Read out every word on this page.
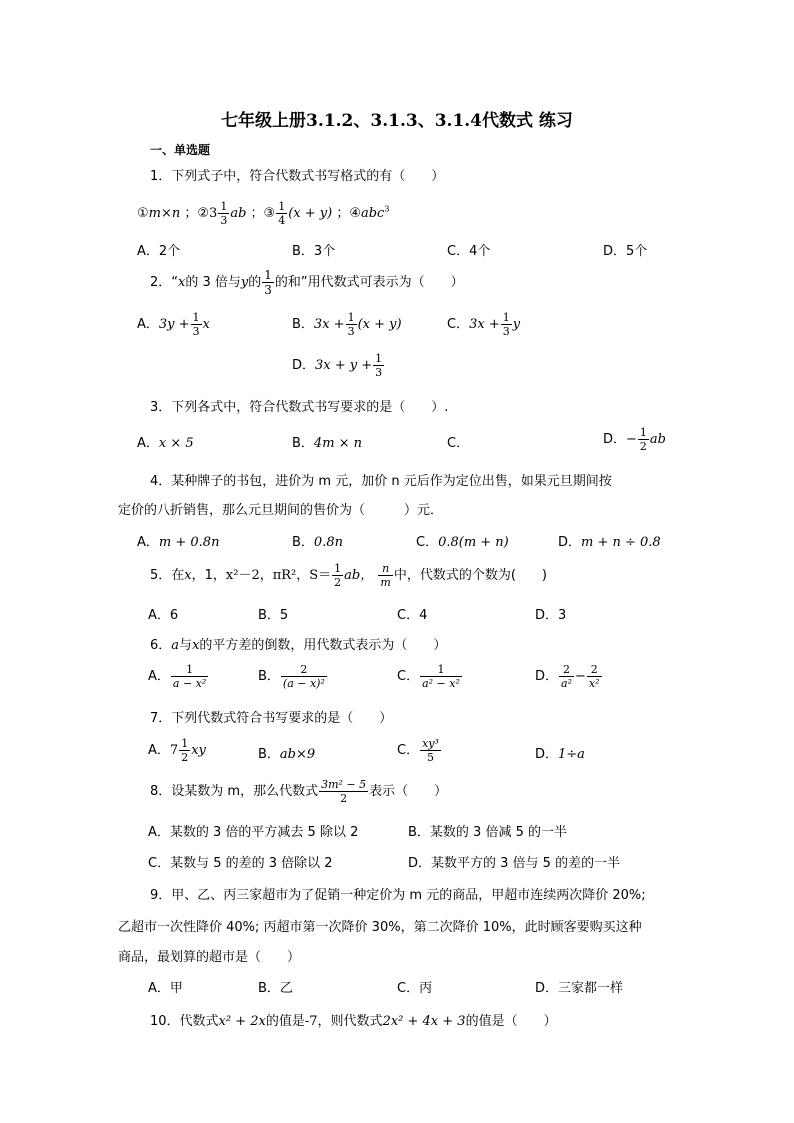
七年级上册3.1.2、3.1.3、3.1.4代数式 练习
一、单选题
1．下列式子中，符合代数式书写格式的有（　　）
①m×n ；②3 $\frac{1}{3}$ ab ；③ $\frac{1}{4} (x + y)$ ；④abc$^3$
A．2个	B．3个	C．4个	D．5个
2．“x的 3 倍与y的 $\frac{1}{3}$ 的和”用代数式可表示为（　　）
A．$3y + \frac{1}{3}$ x	B．$3x + \frac{1}{3} (x + y)$	C．$3x + \frac{1}{3}$ y
D．$3x + y + \frac{1}{3}$
3．下列各式中，符合代数式书写要求的是（　　）.
A．x × 5	B．4m × n	C．	D．− $\frac{1}{2}$ ab
4．某种牌子的书包，进价为 m 元，加价 n 元后作为定位出售，如果元旦期间按
定价的八折销售，那么元旦期间的售价为（　　　）元．
A．m + 0.8n	B．0.8n	C．0.8(m + n)	D．m + n ÷ 0.8
5．在x，1，x²－2，πR²，$S= \frac{1}{2}$ ab， $\frac{n}{m}$ 中，代数式的个数为(　　)
A．6	B．5	C．4	D．3
6．a与x的平方差的倒数，用代数式表示为（　　）
A． $\frac{1}{\text{a − x²}}$	B． $\frac{2}{\text{(a − x)²}}$	C． $\frac{1}{\text{a² − x²}}$	D． $\frac{2}{\text{a²}} - \frac{2}{\text{x²}}$
7．下列代数式符合书写要求的是（　　）
A．$7 \frac{1}{2}$ xy	B．ab×9	C． $\frac{\text{xy³}}{5}$	D．1÷a
8．设某数为 m，那么代数式 $\frac{\text{3m² − 5}}{2}$ 表示（　　）
A．某数的 3 倍的平方减去 5 除以 2	B．某数的 3 倍减 5 的一半
C．某数与 5 的差的 3 倍除以 2	D．某数平方的 3 倍与 5 的差的一半
9．甲、乙、丙三家超市为了促销一种定价为 m 元的商品，甲超市连续两次降价 20%;
乙超市一次性降价 40%; 丙超市第一次降价 30%，第二次降价 10%，此时顾客要购买这种
商品，最划算的超市是（　　）
A．甲	B．乙	C．丙	D．三家都一样
10．代数式x² + 2x的值是-7，则代数式2x² + 4x + 3的值是（　　）
